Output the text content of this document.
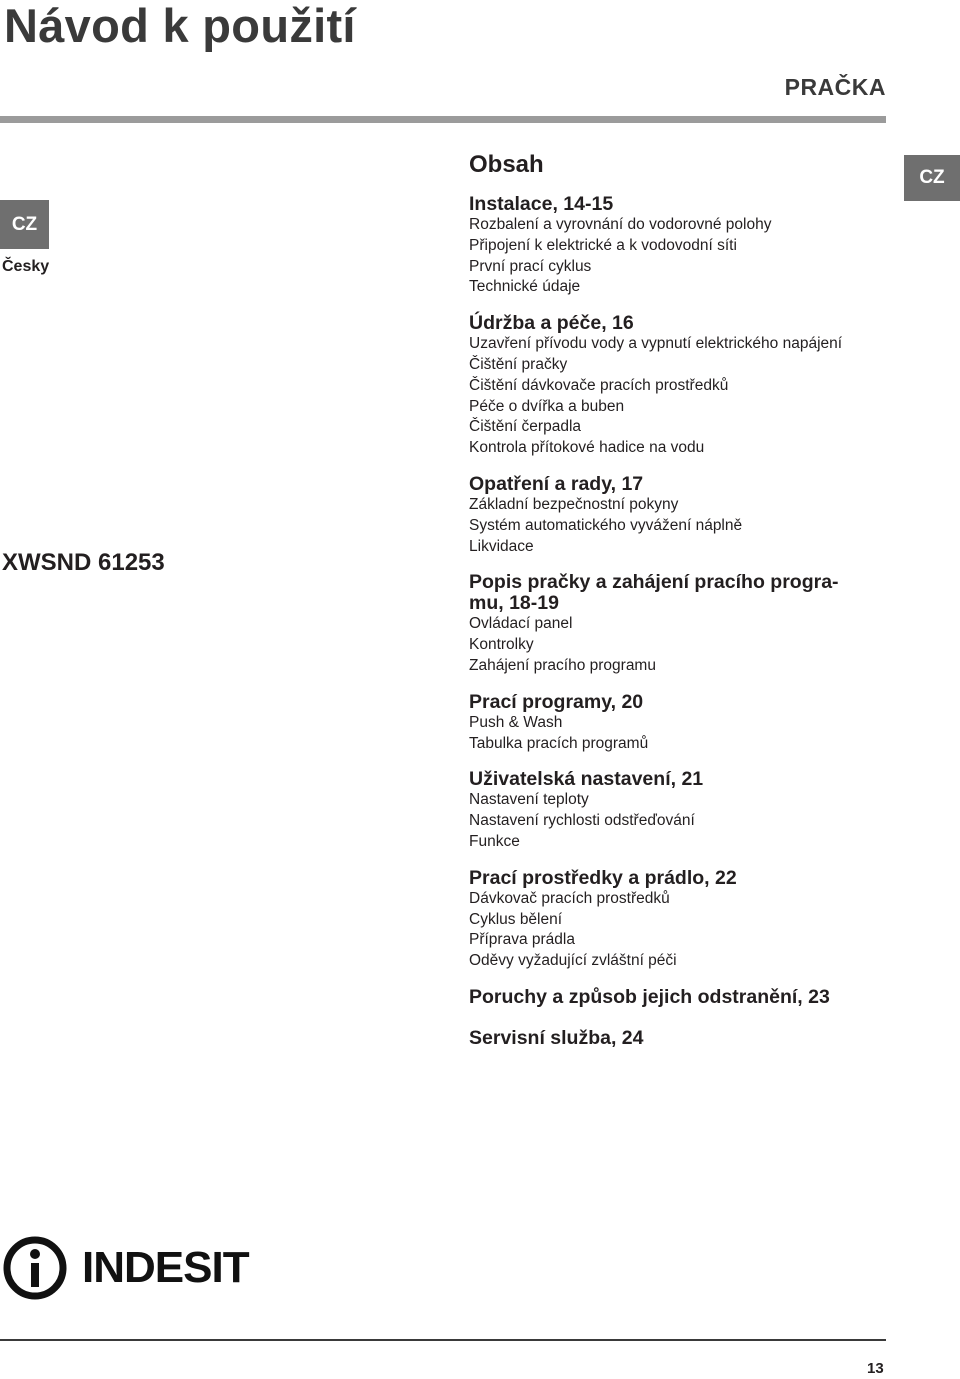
Návod k použití
PRAČKA
CZ
CZ
Česky
XWSND 61253
Obsah
Instalace, 14-15
Rozbalení a vyrovnání do vodorovné polohy
Připojení k elektrické a k vodovodní síti
První prací cyklus
Technické údaje
Údržba a péče, 16
Uzavření přívodu vody a vypnutí elektrického napájení
Čištění pračky
Čištění dávkovače pracích prostředků
Péče o dvířka a buben
Čištění čerpadla
Kontrola přítokové hadice na vodu
Opatření a rady, 17
Základní bezpečnostní pokyny
Systém automatického vyvážení náplně
Likvidace
Popis pračky a zahájení pracího progra-
mu, 18-19
Ovládací panel
Kontrolky
Zahájení pracího programu
Prací programy, 20
Push & Wash
Tabulka pracích programů
Uživatelská nastavení, 21
Nastavení teploty
Nastavení rychlosti odstřeďování
Funkce
Prací prostředky a prádlo, 22
Dávkovač pracích prostředků
Cyklus bělení
Příprava prádla
Oděvy vyžadující zvláštní péči
Poruchy a způsob jejich odstranění, 23
Servisní služba, 24
INDESIT
13
